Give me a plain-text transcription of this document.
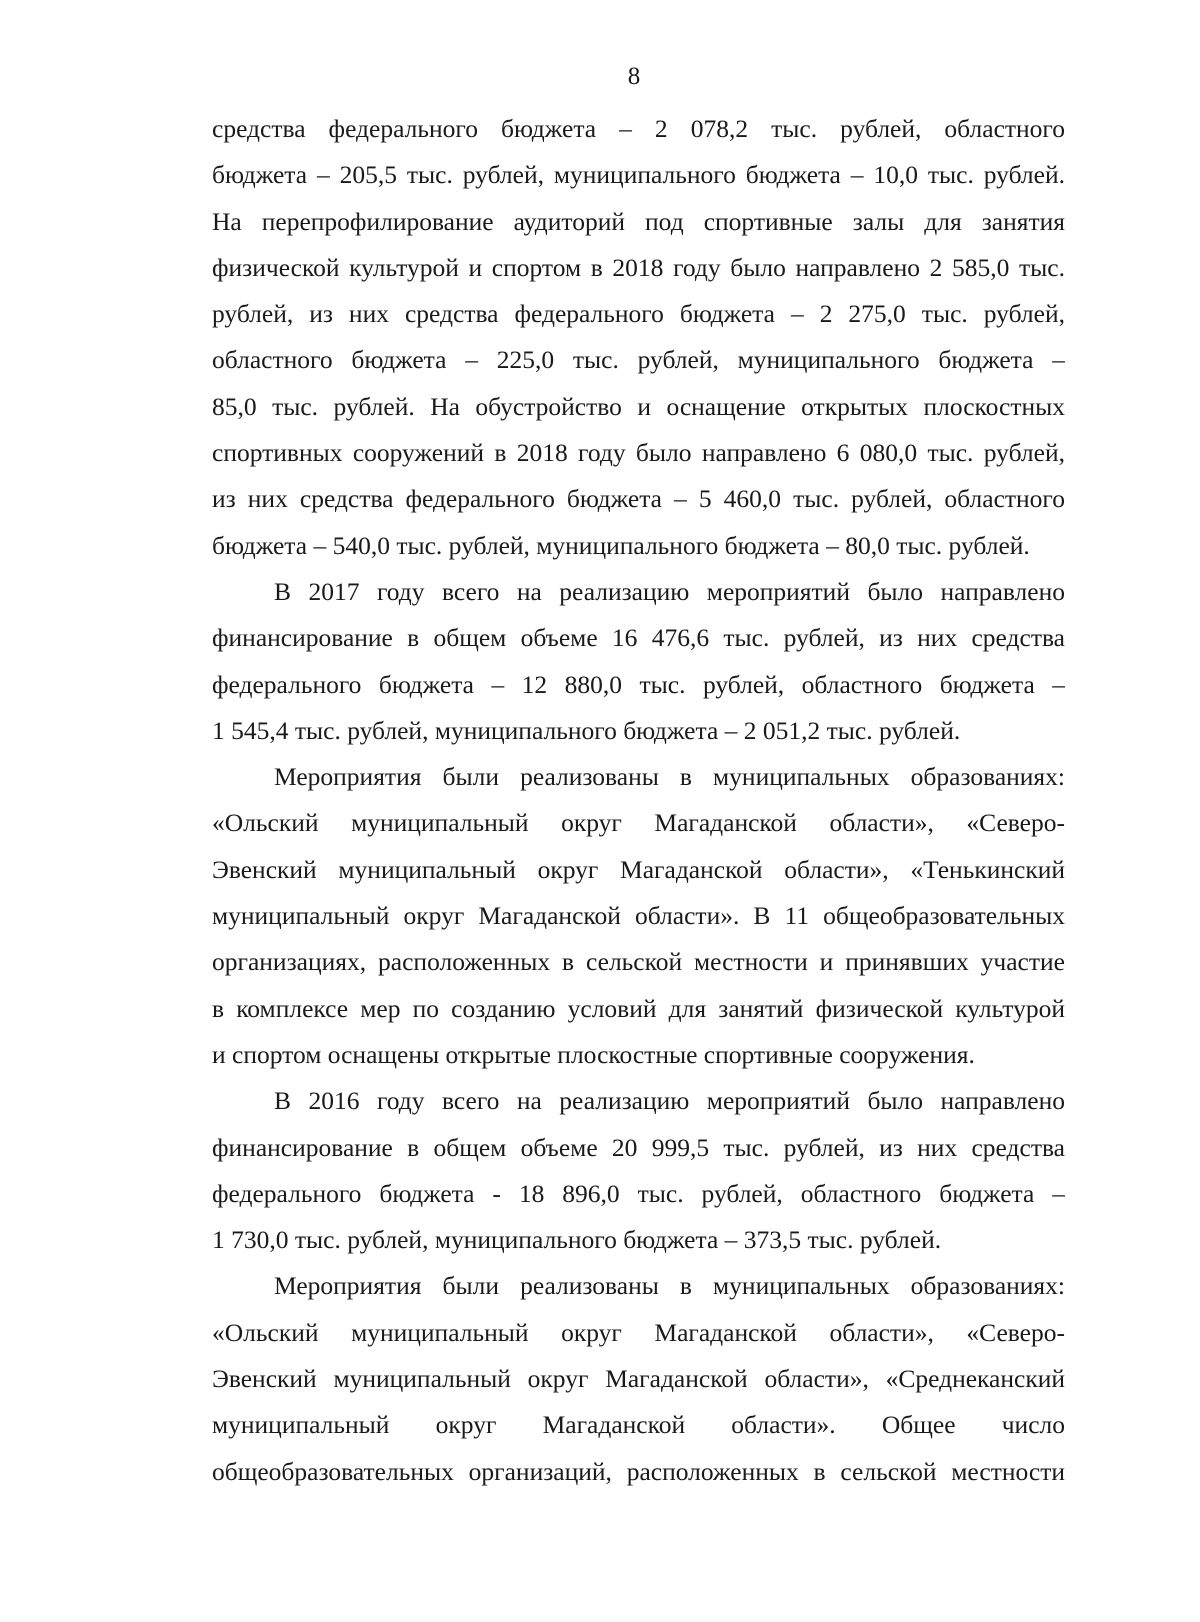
8
средства федерального бюджета – 2 078,2 тыс. рублей, областного
бюджета – 205,5 тыс. рублей, муниципального бюджета – 10,0 тыс. рублей.
На перепрофилирование аудиторий под спортивные залы для занятия
физической культурой и спортом в 2018 году было направлено 2 585,0 тыс.
рублей, из них средства федерального бюджета – 2 275,0 тыс. рублей,
областного бюджета – 225,0 тыс. рублей, муниципального бюджета –
85,0 тыс. рублей. На обустройство и оснащение открытых плоскостных
спортивных сооружений в 2018 году было направлено 6 080,0 тыс. рублей,
из них средства федерального бюджета – 5 460,0 тыс. рублей, областного
бюджета – 540,0 тыс. рублей, муниципального бюджета – 80,0 тыс. рублей.
В 2017 году всего на реализацию мероприятий было направлено
финансирование в общем объеме 16 476,6 тыс. рублей, из них средства
федерального бюджета – 12 880,0 тыс. рублей, областного бюджета –
1 545,4 тыс. рублей, муниципального бюджета – 2 051,2 тыс. рублей.
Мероприятия были реализованы в муниципальных образованиях:
«Ольский муниципальный округ Магаданской области», «Северо-
Эвенский муниципальный округ Магаданской области», «Тенькинский
муниципальный округ Магаданской области». В 11 общеобразовательных
организациях, расположенных в сельской местности и принявших участие
в комплексе мер по созданию условий для занятий физической культурой
и спортом оснащены открытые плоскостные спортивные сооружения.
В 2016 году всего на реализацию мероприятий было направлено
финансирование в общем объеме 20 999,5 тыс. рублей, из них средства
федерального бюджета - 18 896,0 тыс. рублей, областного бюджета –
1 730,0 тыс. рублей, муниципального бюджета – 373,5 тыс. рублей.
Мероприятия были реализованы в муниципальных образованиях:
«Ольский муниципальный округ Магаданской области», «Северо-
Эвенский муниципальный округ Магаданской области», «Среднеканский
муниципальный округ Магаданской области». Общее число
общеобразовательных организаций, расположенных в сельской местности
